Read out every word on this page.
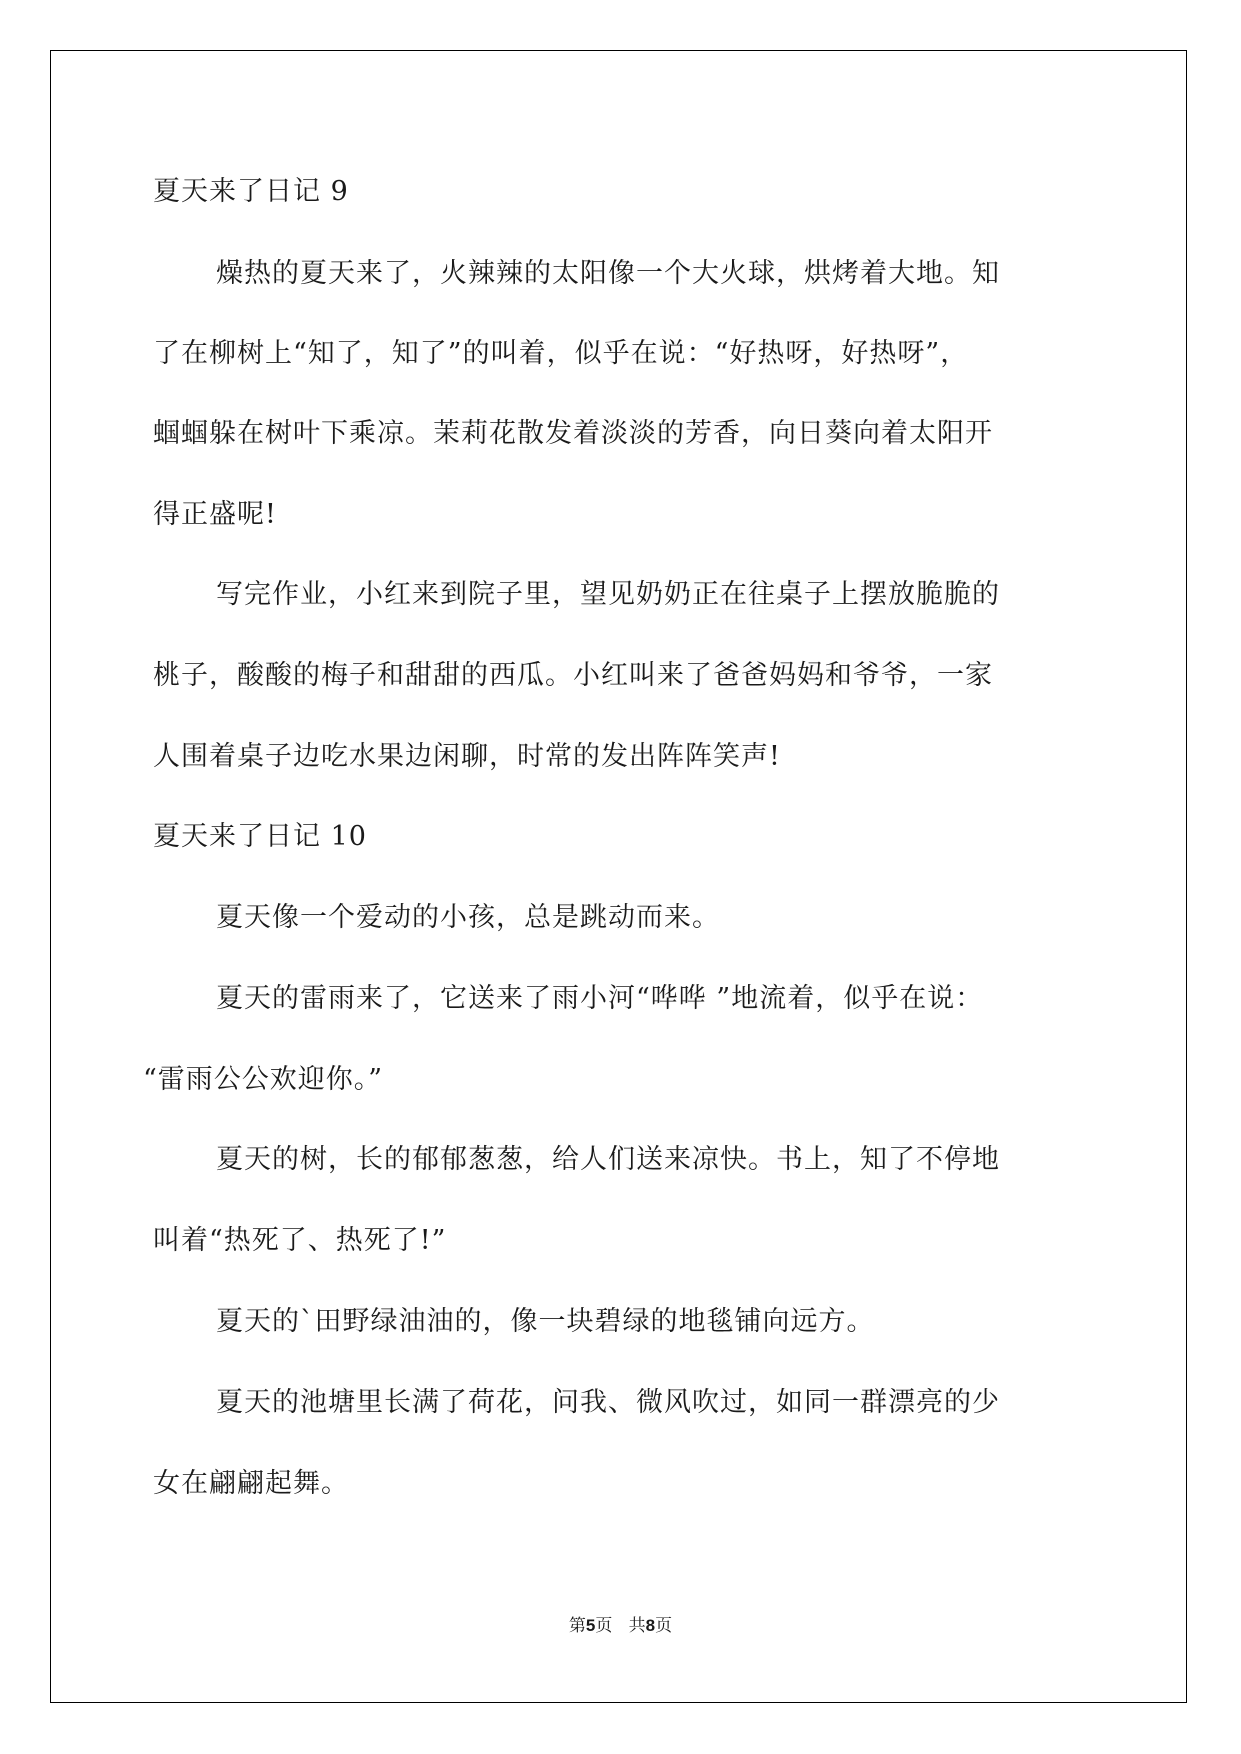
夏天来了日记 9
燥热的夏天来了，火辣辣的太阳像一个大火球，烘烤着大地。知
了在柳树上“知了，知了”的叫着，似乎在说：“好热呀，好热呀”，
蝈蝈躲在树叶下乘凉。茉莉花散发着淡淡的芳香，向日葵向着太阳开
得正盛呢!
写完作业，小红来到院子里，望见奶奶正在往桌子上摆放脆脆的
桃子，酸酸的梅子和甜甜的西瓜。小红叫来了爸爸妈妈和爷爷，一家
人围着桌子边吃水果边闲聊，时常的发出阵阵笑声!
夏天来了日记 10
夏天像一个爱动的小孩，总是跳动而来。
夏天的雷雨来了，它送来了雨小河“哗哗 ”地流着，似乎在说：
“雷雨公公欢迎你。”
夏天的树，长的郁郁葱葱，给人们送来凉快。书上，知了不停地
叫着“热死了、热死了!”
夏天的`田野绿油油的，像一块碧绿的地毯铺向远方。
夏天的池塘里长满了荷花，问我、微风吹过，如同一群漂亮的少
女在翩翩起舞。
第5页 共8页
